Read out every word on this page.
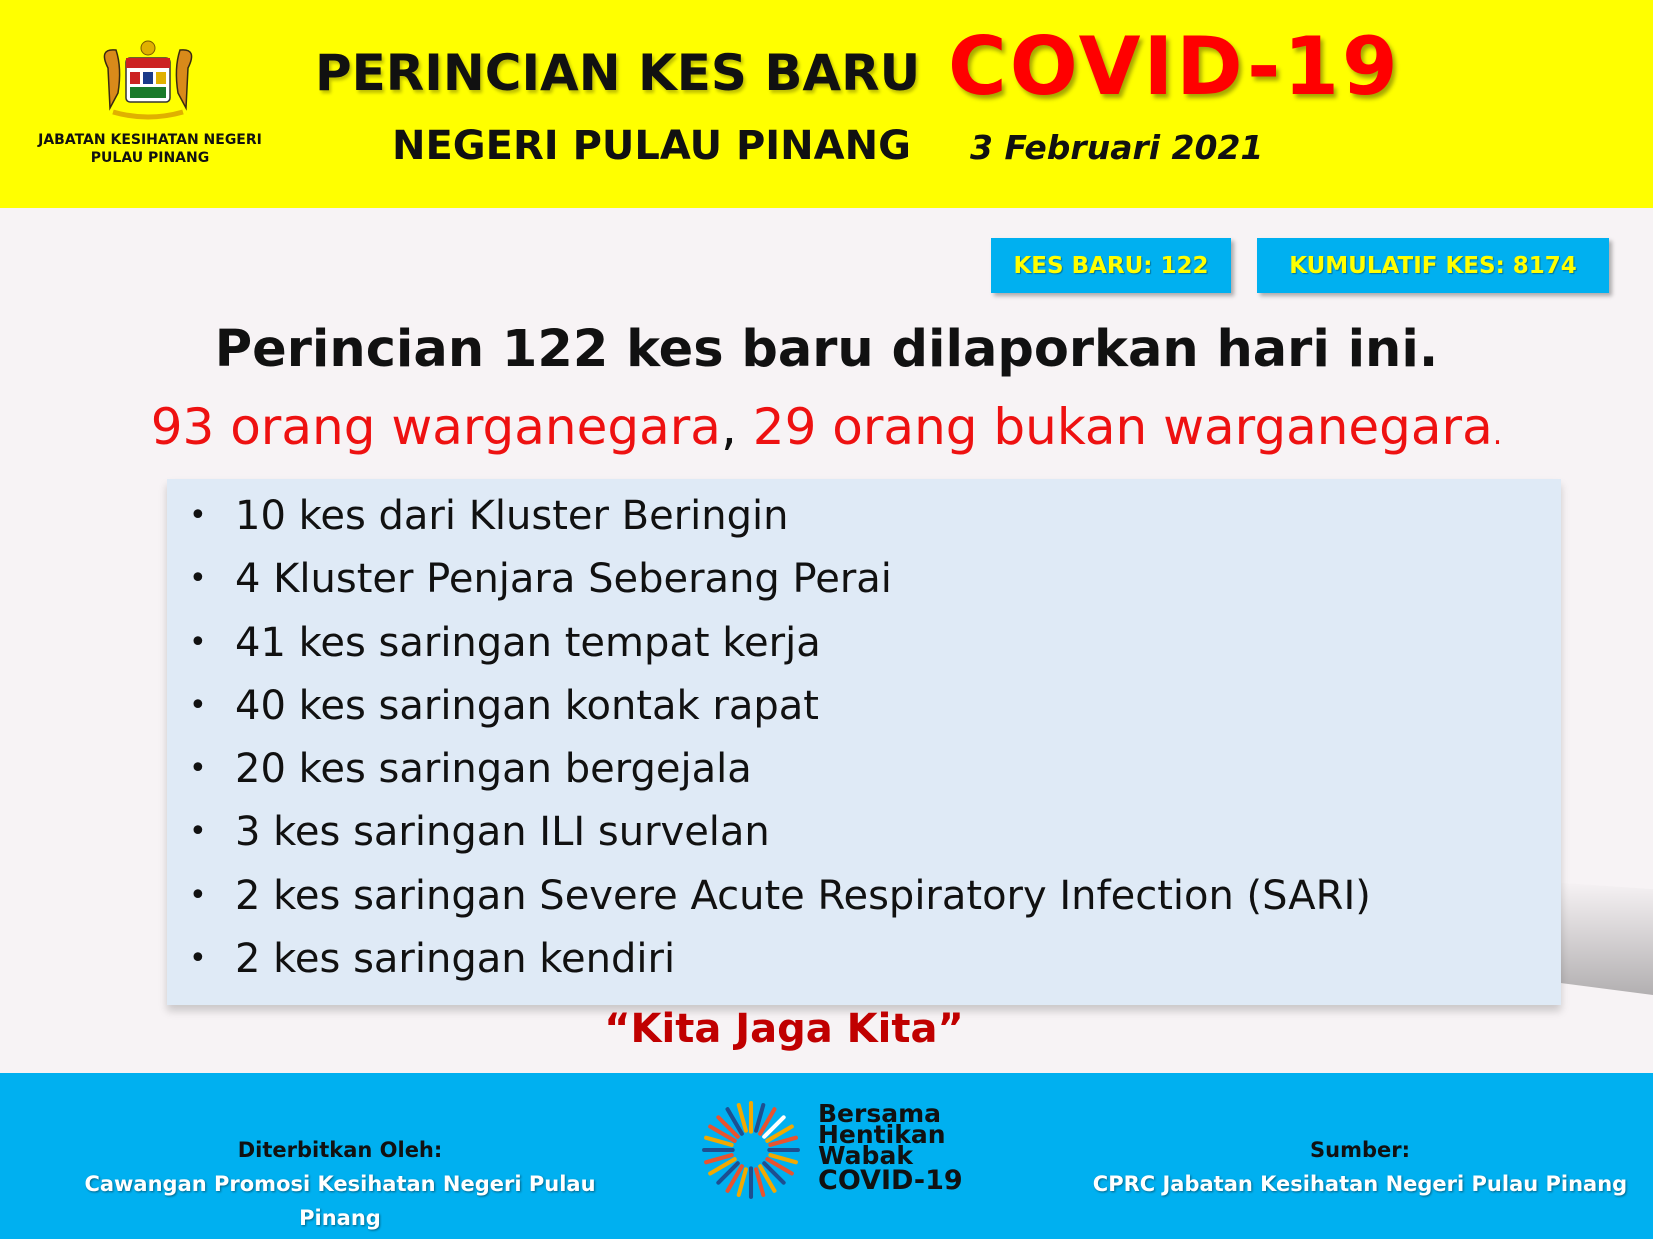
JABATAN KESIHATAN NEGERI
PULAU PINANG
PERINCIAN KES BARU COVID-19
NEGERI PULAU PINANG 3 Februari 2021
KES BARU: 122	KUMULATIF KES: 8174
Perincian 122 kes baru dilaporkan hari ini.
93 orang warganegara, 29 orang bukan warganegara.
• 10 kes dari Kluster Beringin
• 4 Kluster Penjara Seberang Perai
• 41 kes saringan tempat kerja
• 40 kes saringan kontak rapat
• 20 kes saringan bergejala
• 3 kes saringan ILI survelan
• 2 kes saringan Severe Acute Respiratory Infection (SARI)
• 2 kes saringan kendiri
“Kita Jaga Kita”
Diterbitkan Oleh:
Cawangan Promosi Kesihatan Negeri Pulau Pinang
Bersama
Hentikan
Wabak
COVID-19
Sumber:
CPRC Jabatan Kesihatan Negeri Pulau Pinang
